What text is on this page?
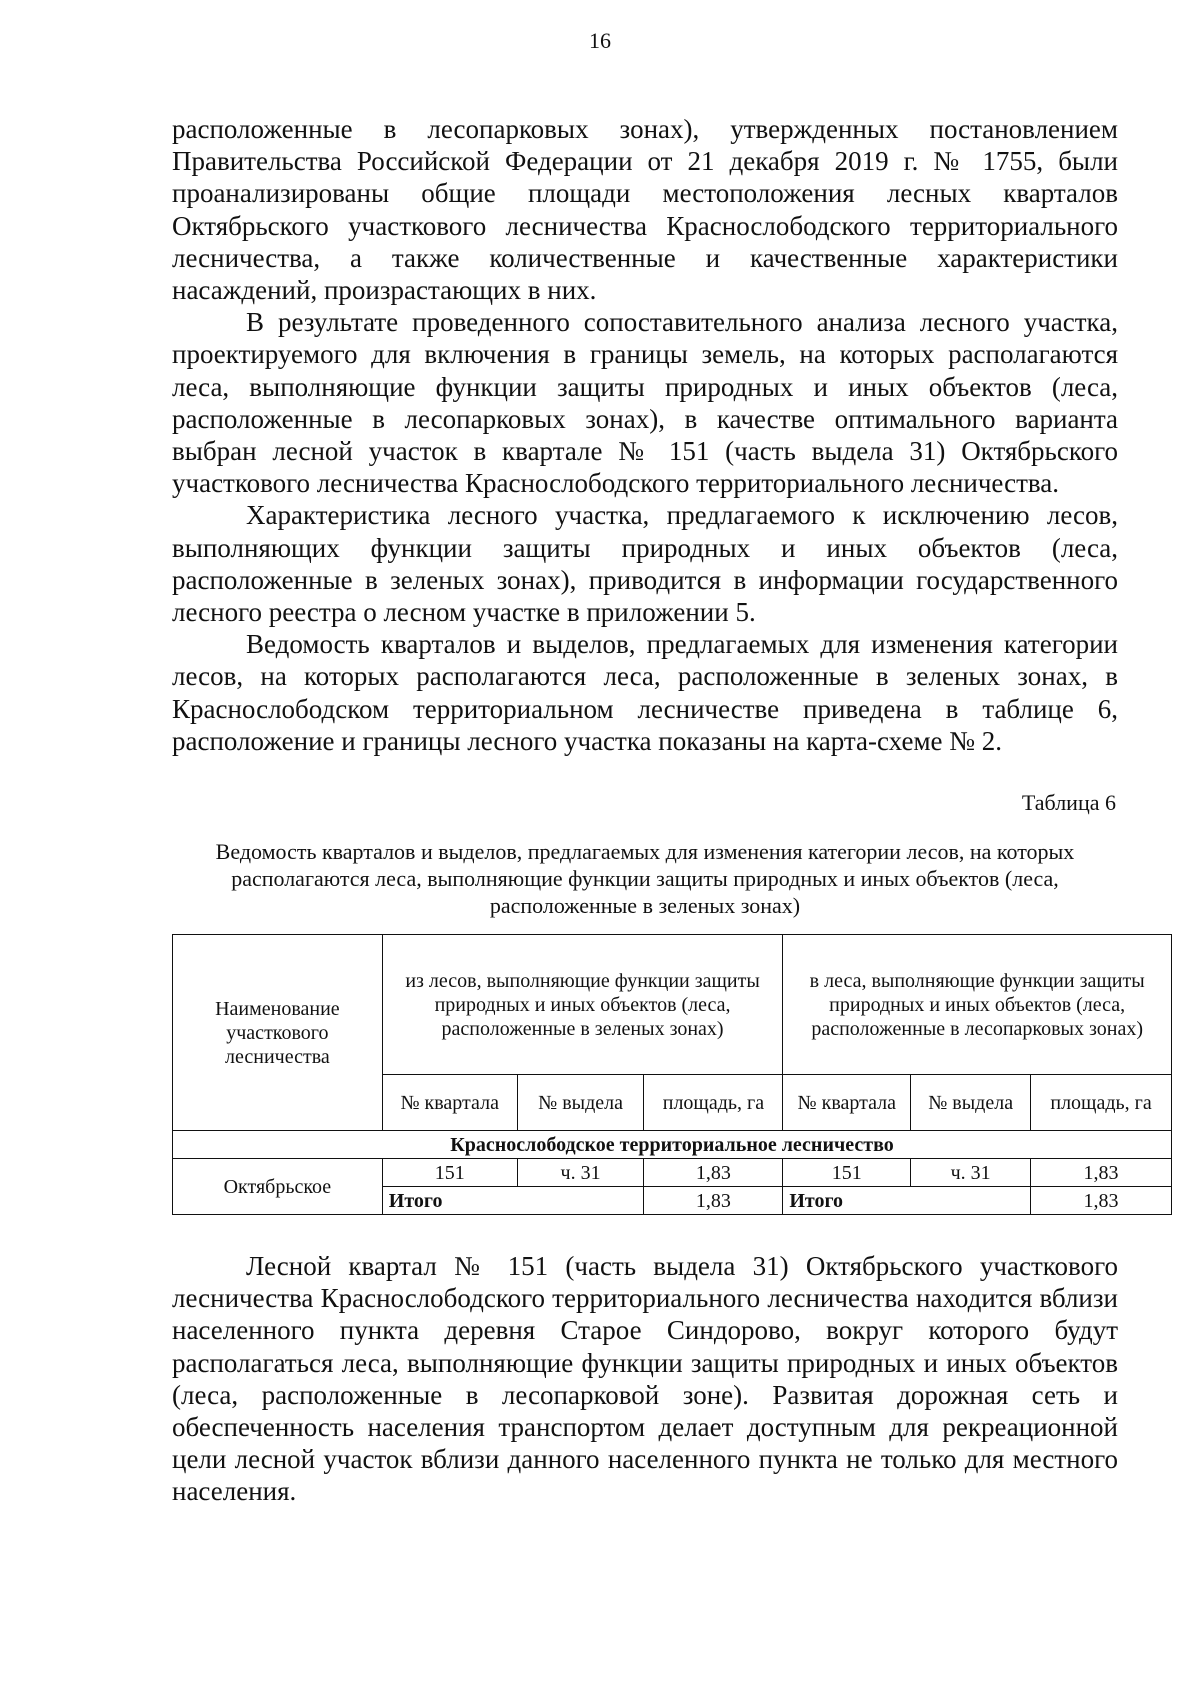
16

расположенные в лесопарковых зонах), утвержденных постановлением Правительства Российской Федерации от 21 декабря 2019 г. № 1755, были проанализированы общие площади местоположения лесных кварталов Октябрьского участкового лесничества Краснослободского территориального лесничества, а также количественные и качественные характеристики насаждений, произрастающих в них.

В результате проведенного сопоставительного анализа лесного участка, проектируемого для включения в границы земель, на которых располагаются леса, выполняющие функции защиты природных и иных объектов (леса, расположенные в лесопарковых зонах), в качестве оптимального варианта выбран лесной участок в квартале № 151 (часть выдела 31) Октябрьского участкового лесничества Краснослободского территориального лесничества.

Характеристика лесного участка, предлагаемого к исключению лесов, выполняющих функции защиты природных и иных объектов (леса, расположенные в зеленых зонах), приводится в информации государственного лесного реестра о лесном участке в приложении 5.

Ведомость кварталов и выделов, предлагаемых для изменения категории лесов, на которых располагаются леса, расположенные в зеленых зонах, в Краснослободском территориальном лесничестве приведена в таблице 6, расположение и границы лесного участка показаны на карта-схеме № 2.

Таблица 6
Ведомость кварталов и выделов, предлагаемых для изменения категории лесов, на которых располагаются леса, выполняющие функции защиты природных и иных объектов (леса, расположенные в зеленых зонах)
Наименование участкового лесничества	из лесов, выполняющие функции защиты природных и иных объектов (леса, расположенные в зеленых зонах)			в леса, выполняющие функции защиты природных и иных объектов (леса, расположенные в лесопарковых зонах)		
	№ квартала	№ выдела	площадь, га	№ квартала	№ выдела	площадь, га
Краснослободское территориальное лесничество						
Октябрьское	151	ч. 31	1,83	151	ч. 31	1,83
	Итого		1,83	Итого		1,83

Лесной квартал № 151 (часть выдела 31) Октябрьского участкового лесничества Краснослободского территориального лесничества находится вблизи населенного пункта деревня Старое Синдорово, вокруг которого будут располагаться леса, выполняющие функции защиты природных и иных объектов (леса, расположенные в лесопарковой зоне). Развитая дорожная сеть и обеспеченность населения транспортом делает доступным для рекреационной цели лесной участок вблизи данного населенного пункта не только для местного населения.
